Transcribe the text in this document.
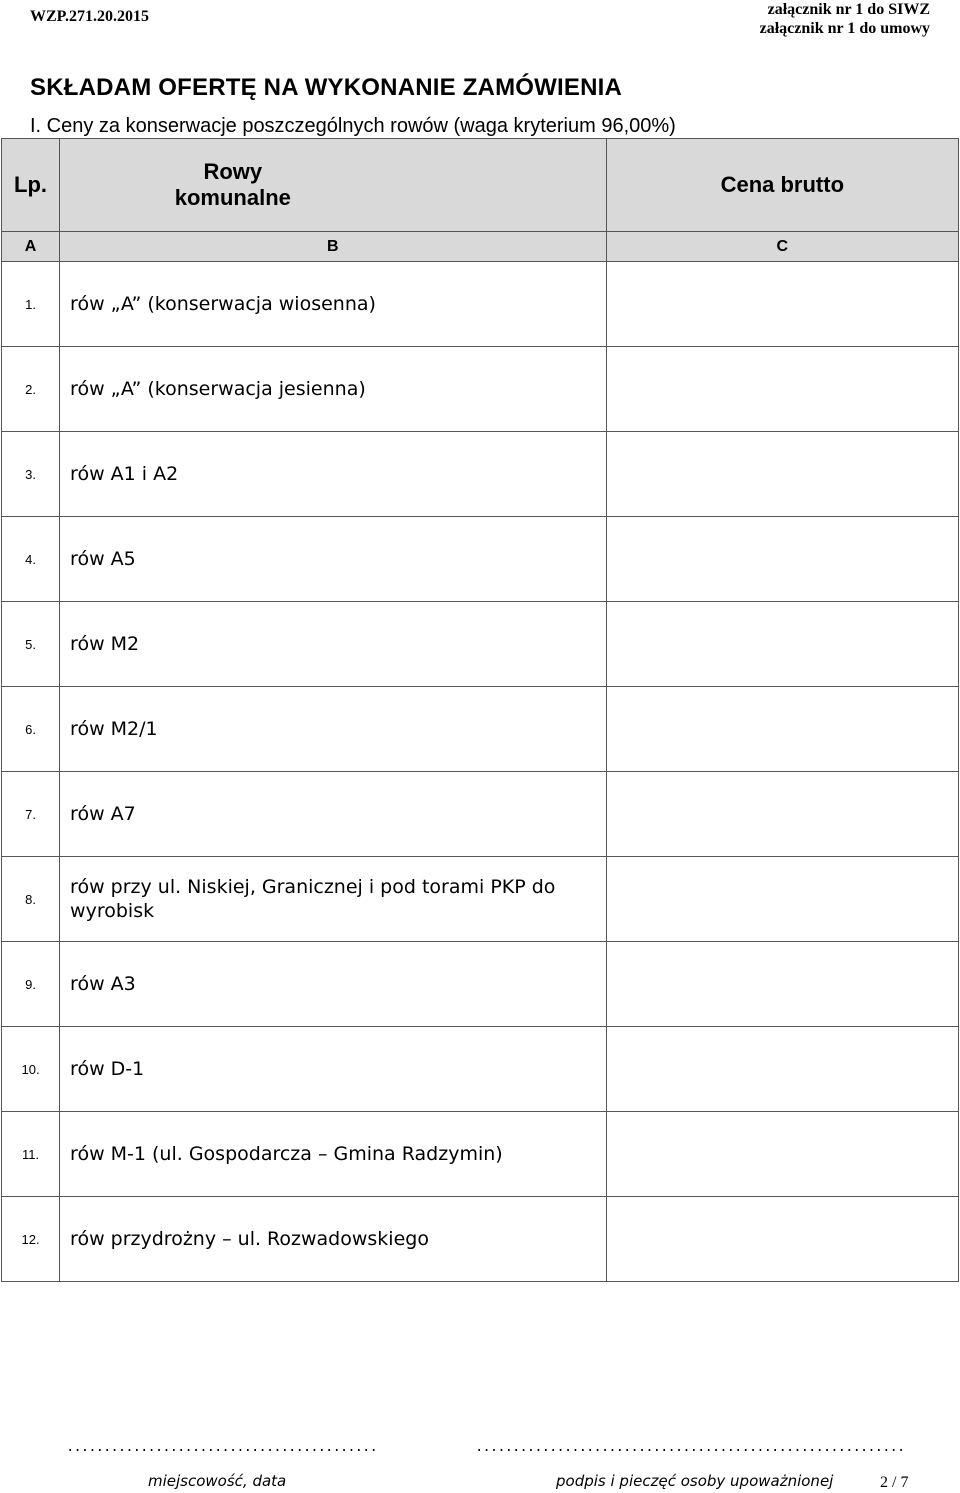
WZP.271.20.2015	załącznik nr 1 do SIWZ
załącznik nr 1 do umowy
SKŁADAM OFERTĘ NA WYKONANIE ZAMÓWIENIA
I. Ceny za konserwacje poszczególnych rowów (waga kryterium 96,00%)
Lp.	Rowy komunalne	Cena brutto
A	B	C
1.	rów „A” (konserwacja wiosenna)	
2.	rów „A” (konserwacja jesienna)	
3.	rów A1 i A2	
4.	rów A5	
5.	rów M2	
6.	rów M2/1	
7.	rów A7	
8.	rów przy ul. Niskiej, Granicznej i pod torami PKP do wyrobisk	
9.	rów A3	
10.	rów D-1	
11.	rów M-1 (ul. Gospodarcza – Gmina Radzymin)	
12.	rów przydrożny – ul. Rozwadowskiego	
..........................................	..........................................................
miejscowość, data	podpis i pieczęć osoby upoważnionej	2 / 7
